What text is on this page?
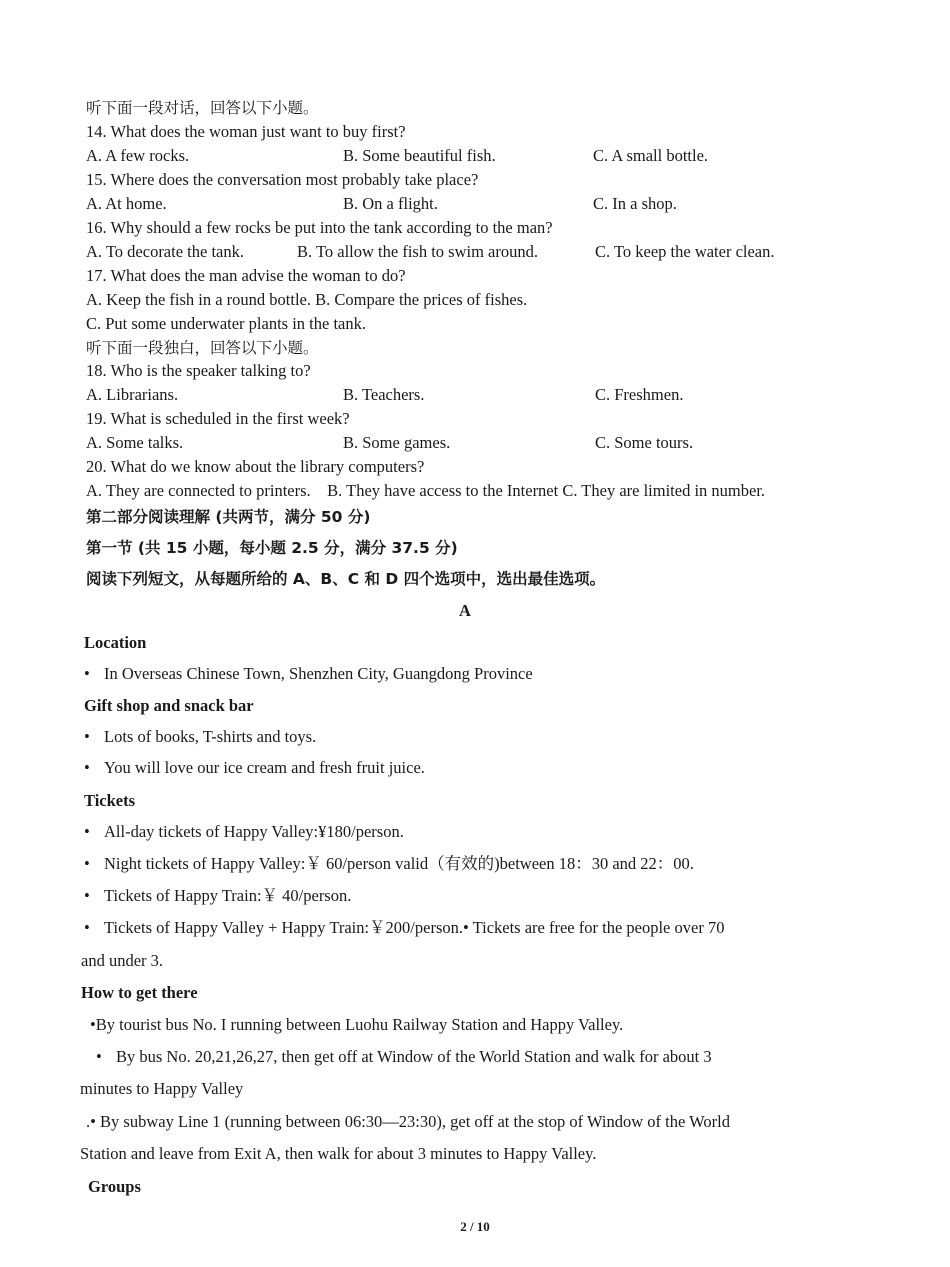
听下面一段对话，回答以下小题。
14. What does the woman just want to buy first?
A. A few rocks.	B. Some beautiful fish.	C. A small bottle.
15. Where does the conversation most probably take place?
A. At home.	B. On a flight.	C. In a shop.
16. Why should a few rocks be put into the tank according to the man?
A. To decorate the tank.	B. To allow the fish to swim around.	C. To keep the water clean.
17. What does the man advise the woman to do?
A. Keep the fish in a round bottle. B. Compare the prices of fishes.
C. Put some underwater plants in the tank.
听下面一段独白，回答以下小题。
18. Who is the speaker talking to?
A. Librarians.	B. Teachers.	C. Freshmen.
19. What is scheduled in the first week?
A. Some talks.	B. Some games.	C. Some tours.
20. What do we know about the library computers?
A. They are connected to printers.    B. They have access to the Internet C. They are limited in number.
第二部分阅读理解 (共两节，满分 50 分)
第一节 (共 15 小题，每小题 2.5 分，满分 37.5 分)
阅读下列短文，从每题所给的 A、B、C 和 D 四个选项中，选出最佳选项。
A
Location
• In Overseas Chinese Town, Shenzhen City, Guangdong Province
Gift shop and snack bar
• Lots of books, T-shirts and toys.
• You will love our ice cream and fresh fruit juice.
Tickets
• All-day tickets of Happy Valley:¥180/person.
• Night tickets of Happy Valley:￥ 60/person valid（有效的)between 18：30 and 22：00.
• Tickets of Happy Train:￥ 40/person.
• Tickets of Happy Valley + Happy Train:￥200/person.• Tickets are free for the people over 70
and under 3.
How to get there
•By tourist bus No. I running between Luohu Railway Station and Happy Valley.
• By bus No. 20,21,26,27, then get off at Window of the World Station and walk for about 3
minutes to Happy Valley
.• By subway Line 1 (running between 06:30—23:30), get off at the stop of Window of the World
Station and leave from Exit A, then walk for about 3 minutes to Happy Valley.
Groups
2 / 10
